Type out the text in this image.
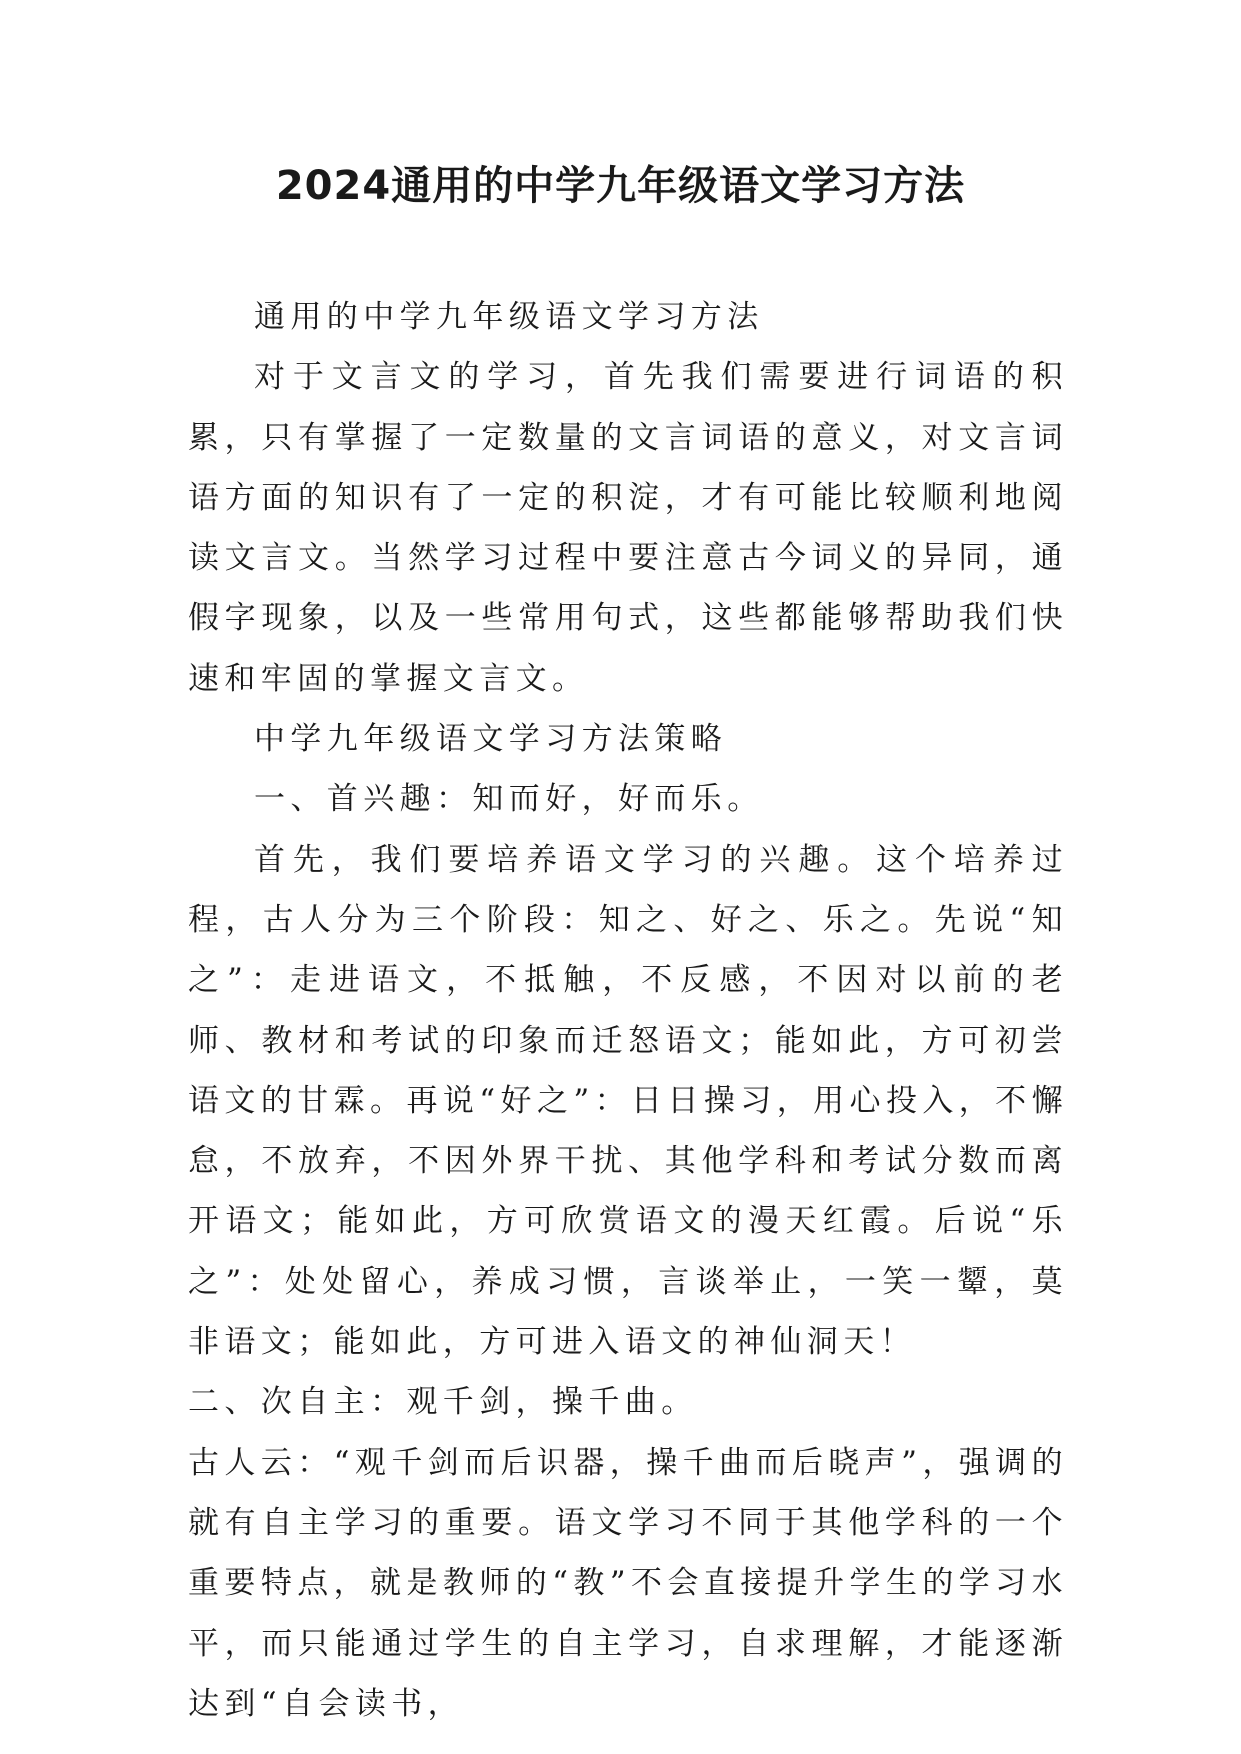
2024通用的中学九年级语文学习方法

通用的中学九年级语文学习方法

对于文言文的学习，首先我们需要进行词语的积累，只有掌握了一定数量的文言词语的意义，对文言词语方面的知识有了一定的积淀，才有可能比较顺利地阅读文言文。当然学习过程中要注意古今词义的异同，通假字现象，以及一些常用句式，这些都能够帮助我们快速和牢固的掌握文言文。

中学九年级语文学习方法策略

一、首兴趣：知而好，好而乐。

首先，我们要培养语文学习的兴趣。这个培养过程，古人分为三个阶段：知之、好之、乐之。先说“知之”：走进语文，不抵触，不反感，不因对以前的老师、教材和考试的印象而迁怒语文；能如此，方可初尝语文的甘霖。再说“好之”：日日操习，用心投入，不懈怠，不放弃，不因外界干扰、其他学科和考试分数而离开语文；能如此，方可欣赏语文的漫天红霞。后说“乐之”：处处留心，养成习惯，言谈举止，一笑一颦，莫非语文；能如此，方可进入语文的神仙洞天！

二、次自主：观千剑，操千曲。

古人云：“观千剑而后识器，操千曲而后晓声”，强调的就有自主学习的重要。语文学习不同于其他学科的一个重要特点，就是教师的“教”不会直接提升学生的学习水平，而只能通过学生的自主学习，自求理解，才能逐渐达到“自会读书，
